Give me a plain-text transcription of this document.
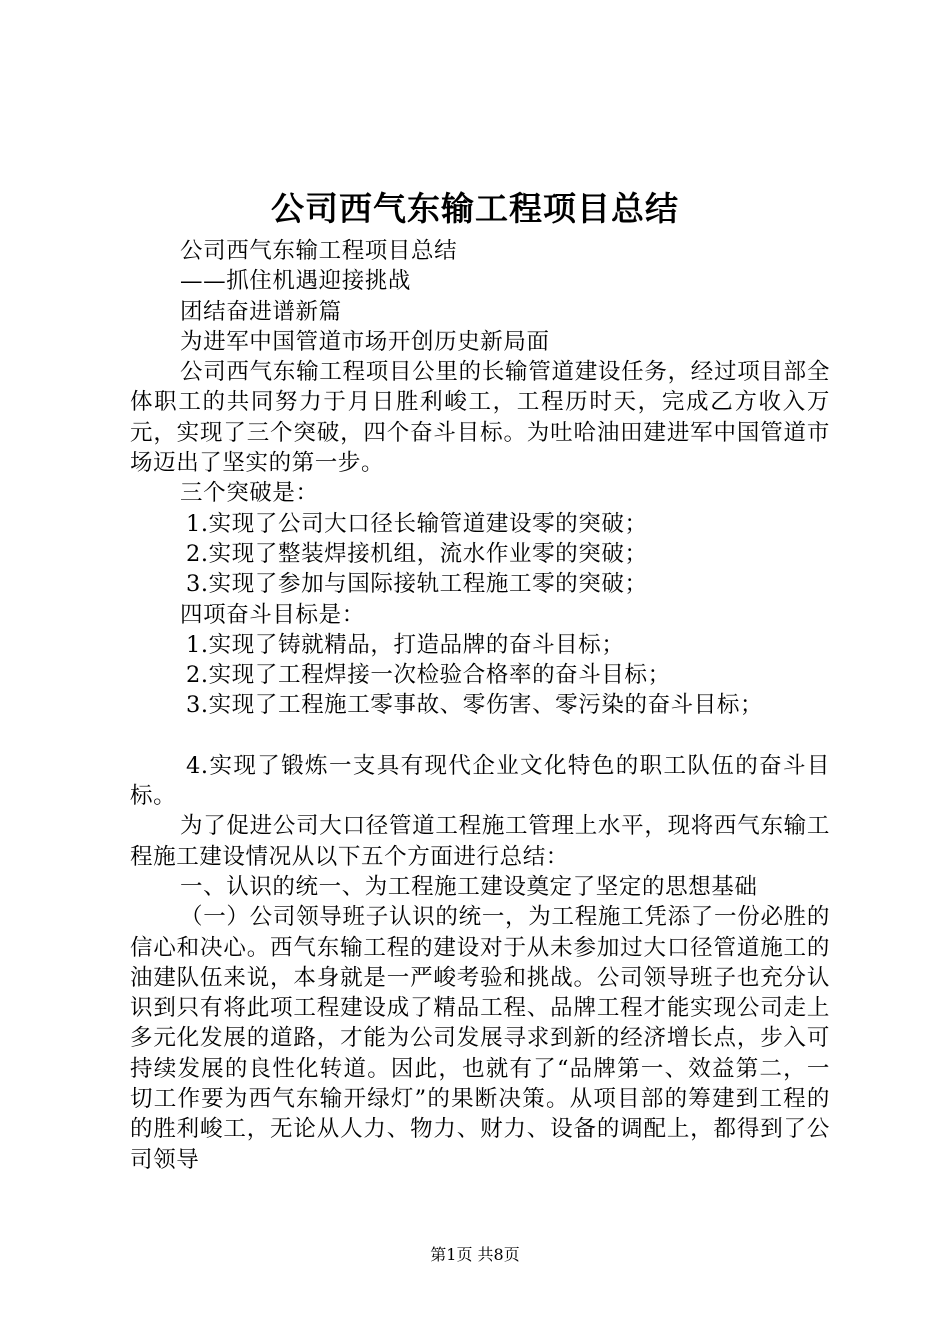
公司西气东输工程项目总结

公司西气东输工程项目总结

——抓住机遇迎接挑战

团结奋进谱新篇

为进军中国管道市场开创历史新局面

公司西气东输工程项目公里的长输管道建设任务，经过项目部全体职工的共同努力于月日胜利峻工，工程历时天，完成乙方收入万元，实现了三个突破，四个奋斗目标。为吐哈油田建进军中国管道市场迈出了坚实的第一步。

三个突破是：

1.实现了公司大口径长输管道建设零的突破；

2.实现了整装焊接机组，流水作业零的突破；

3.实现了参加与国际接轨工程施工零的突破；

四项奋斗目标是：

1.实现了铸就精品，打造品牌的奋斗目标；

2.实现了工程焊接一次检验合格率的奋斗目标；

3.实现了工程施工零事故、零伤害、零污染的奋斗目标；

4.实现了锻炼一支具有现代企业文化特色的职工队伍的奋斗目标。

为了促进公司大口径管道工程施工管理上水平，现将西气东输工程施工建设情况从以下五个方面进行总结：

一、认识的统一、为工程施工建设奠定了坚定的思想基础

（一）公司领导班子认识的统一，为工程施工凭添了一份必胜的信心和决心。西气东输工程的建设对于从未参加过大口径管道施工的油建队伍来说，本身就是一严峻考验和挑战。公司领导班子也充分认识到只有将此项工程建设成了精品工程、品牌工程才能实现公司走上多元化发展的道路，才能为公司发展寻求到新的经济增长点，步入可持续发展的良性化转道。因此，也就有了“品牌第一、效益第二，一切工作要为西气东输开绿灯”的果断决策。从项目部的筹建到工程的的胜利峻工，无论从人力、物力、财力、设备的调配上，都得到了公司领导

第1页 共8页
